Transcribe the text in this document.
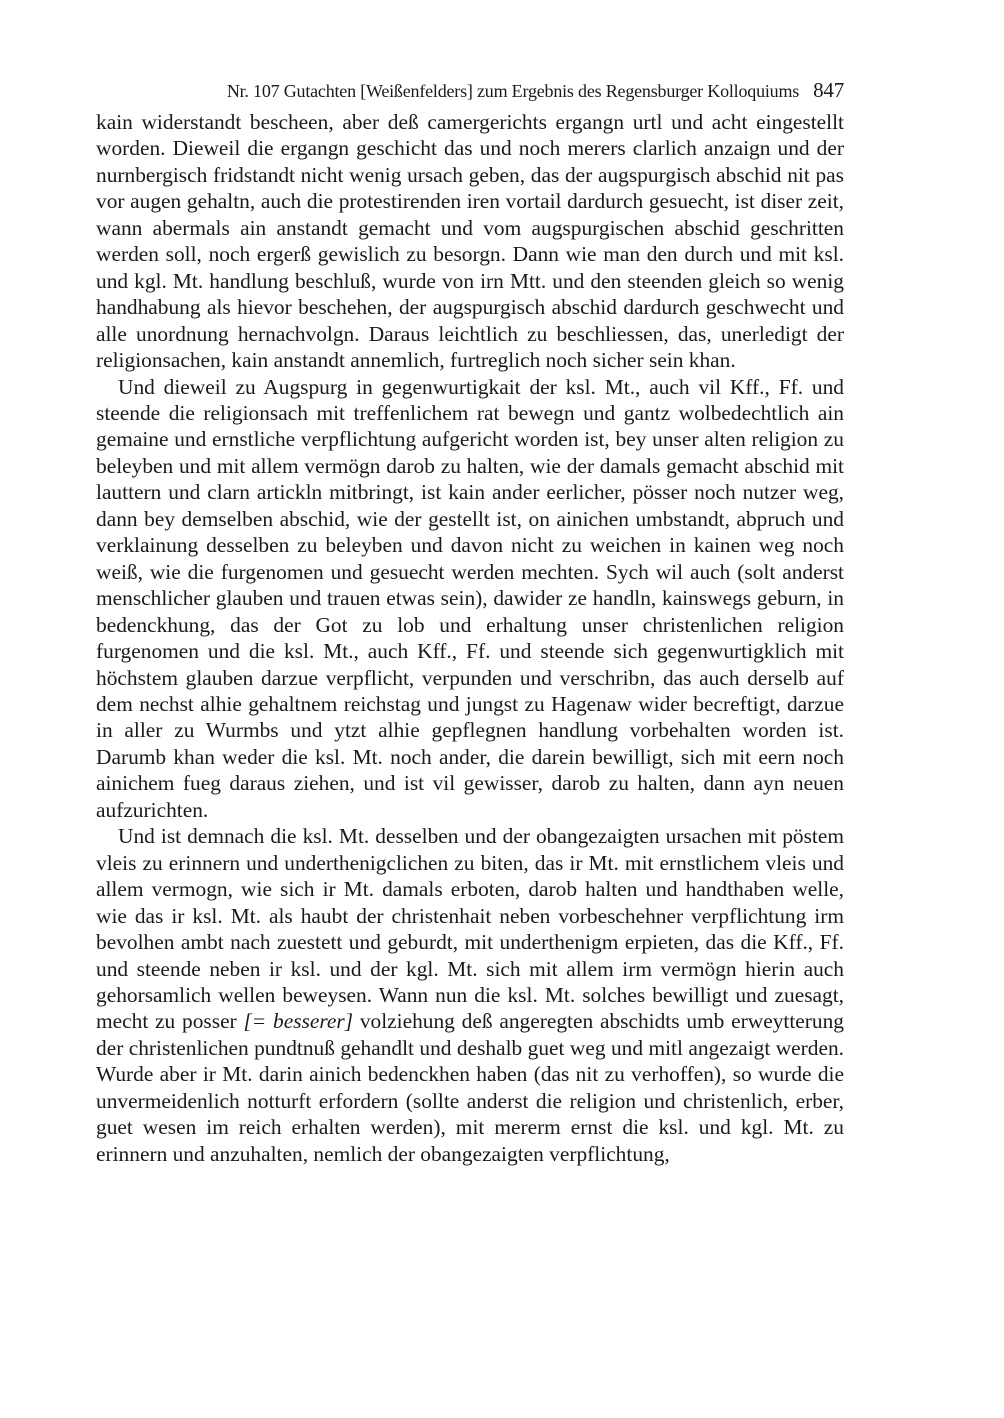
Nr. 107 Gutachten [Weißenfelders] zum Ergebnis des Regensburger Kolloquiums 847

kain widerstandt bescheen, aber deß camergerichts ergangn urtl und acht eingestellt worden. Dieweil die ergangn geschicht das und noch merers clarlich anzaign und der nurnbergisch fridstandt nicht wenig ursach geben, das der augspurgisch abschid nit pas vor augen gehaltn, auch die protestirenden iren vortail dardurch gesuecht, ist diser zeit, wann abermals ain anstandt gemacht und vom augspurgischen abschid geschritten werden soll, noch ergerß gewislich zu besorgn. Dann wie man den durch und mit ksl. und kgl. Mt. handlung beschluß, wurde von irn Mtt. und den steenden gleich so wenig handhabung als hievor beschehen, der augspurgisch abschid dardurch geschwecht und alle unordnung hernachvolgn. Daraus leichtlich zu beschliessen, das, unerledigt der religionsachen, kain anstandt annemlich, furtreglich noch sicher sein khan.

Und dieweil zu Augspurg in gegenwurtigkait der ksl. Mt., auch vil Kff., Ff. und steende die religionsach mit treffenlichem rat bewegn und gantz wolbedechtlich ain gemaine und ernstliche verpflichtung aufgericht worden ist, bey unser alten religion zu beleyben und mit allem vermögn darob zu halten, wie der damals gemacht abschid mit lauttern und clarn artickln mitbringt, ist kain ander eerlicher, pösser noch nutzer weg, dann bey demselben abschid, wie der gestellt ist, on ainichen umbstandt, abpruch und verklainung desselben zu beleyben und davon nicht zu weichen in kainen weg noch weiß, wie die furgenomen und gesuecht werden mechten. Sych wil auch (solt anderst menschlicher glauben und trauen etwas sein), dawider ze handln, kainswegs geburn, in bedenckhung, das der Got zu lob und erhaltung unser christenlichen religion furgenomen und die ksl. Mt., auch Kff., Ff. und steende sich gegenwurtigklich mit höchstem glauben darzue verpflicht, verpunden und verschribn, das auch derselb auf dem nechst alhie gehaltnem reichstag und jungst zu Hagenaw wider becreftigt, darzue in aller zu Wurmbs und ytzt alhie gepflegnen handlung vorbehalten worden ist. Darumb khan weder die ksl. Mt. noch ander, die darein bewilligt, sich mit eern noch ainichem fueg daraus ziehen, und ist vil gewisser, darob zu halten, dann ayn neuen aufzurichten.

Und ist demnach die ksl. Mt. desselben und der obangezaigten ursachen mit pöstem vleis zu erinnern und underthenigclichen zu biten, das ir Mt. mit ernstlichem vleis und allem vermogn, wie sich ir Mt. damals erboten, darob halten und handthaben welle, wie das ir ksl. Mt. als haubt der christenhait neben vorbeschehner verpflichtung irm bevolhen ambt nach zuestett und geburdt, mit underthenigm erpieten, das die Kff., Ff. und steende neben ir ksl. und der kgl. Mt. sich mit allem irm vermögn hierin auch gehorsamlich wellen beweysen. Wann nun die ksl. Mt. solches bewilligt und zuesagt, mecht zu posser [= besserer] volziehung deß angeregten abschidts umb erweytterung der christenlichen pundtnuß gehandlt und deshalb guet weg und mitl angezaigt werden. Wurde aber ir Mt. darin ainich bedenckhen haben (das nit zu verhoffen), so wurde die unvermeidenlich notturft erfordern (sollte anderst die religion und christenlich, erber, guet wesen im reich erhalten werden), mit mererm ernst die ksl. und kgl. Mt. zu erinnern und anzuhalten, nemlich der obangezaigten verpflichtung,
